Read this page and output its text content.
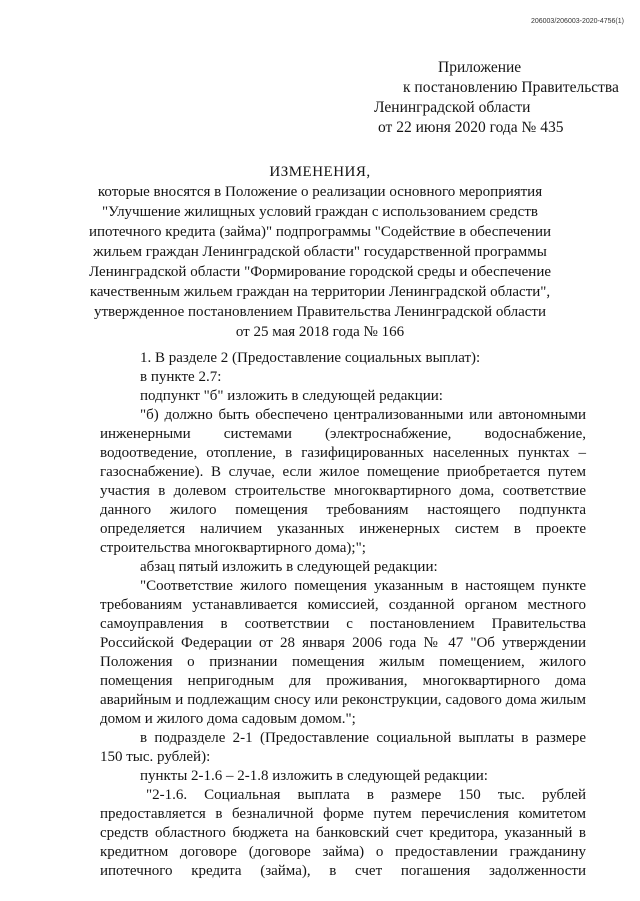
206003/206003-2020-4756(1)
Приложение
к постановлению Правительства
Ленинградской области
от 22 июня 2020 года № 435
ИЗМЕНЕНИЯ,
которые вносятся в Положение о реализации основного мероприятия
"Улучшение жилищных условий граждан с использованием средств
ипотечного кредита (займа)" подпрограммы "Содействие в обеспечении
жильем граждан Ленинградской области" государственной программы
Ленинградской области "Формирование городской среды и обеспечение
качественным жильем граждан на территории Ленинградской области",
утвержденное постановлением Правительства Ленинградской области
от 25 мая 2018 года № 166

1. В разделе 2 (Предоставление социальных выплат):

в пункте 2.7:

подпункт "б" изложить в следующей редакции:

"б) должно быть обеспечено централизованными или автономными инженерными системами (электроснабжение, водоснабжение, водоотведение, отопление, в газифицированных населенных пунктах – газоснабжение). В случае, если жилое помещение приобретается путем участия в долевом строительстве многоквартирного дома, соответствие данного жилого помещения требованиям настоящего подпункта определяется наличием указанных инженерных систем в проекте строительства многоквартирного дома);";

абзац пятый изложить в следующей редакции:

"Соответствие жилого помещения указанным в настоящем пункте требованиям устанавливается комиссией, созданной органом местного самоуправления в соответствии с постановлением Правительства Российской Федерации от 28 января 2006 года № 47 "Об утверждении Положения о признании помещения жилым помещением, жилого помещения непригодным для проживания, многоквартирного дома аварийным и подлежащим сносу или реконструкции, садового дома жилым домом и жилого дома садовым домом.";

в подразделе 2-1 (Предоставление социальной выплаты в размере 150 тыс. рублей):

пункты 2-1.6 – 2-1.8 изложить в следующей редакции:

"2-1.6. Социальная выплата в размере 150 тыс. рублей предоставляется в безналичной форме путем перечисления комитетом средств областного бюджета на банковский счет кредитора, указанный в кредитном договоре (договоре займа) о предоставлении гражданину ипотечного кредита (займа), в счет погашения задолженности
